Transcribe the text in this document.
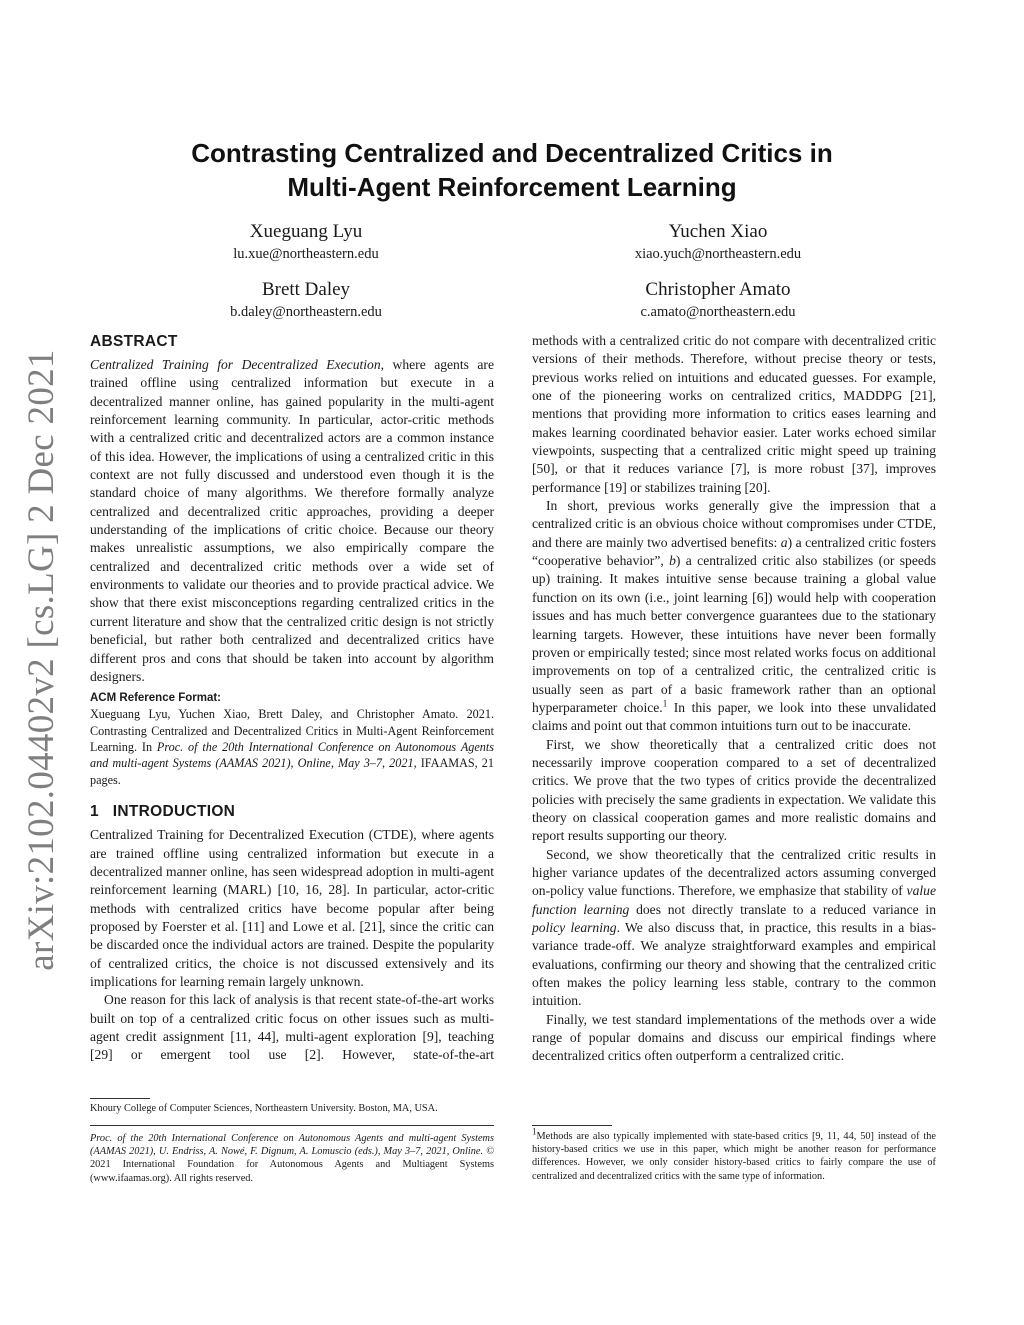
arXiv:2102.04402v2 [cs.LG] 2 Dec 2021
Contrasting Centralized and Decentralized Critics in
Multi-Agent Reinforcement Learning
Xueguang Lyu
lu.xue@northeastern.edu
Yuchen Xiao
xiao.yuch@northeastern.edu
Brett Daley
b.daley@northeastern.edu
Christopher Amato
c.amato@northeastern.edu
ABSTRACT

Centralized Training for Decentralized Execution, where agents are trained offline using centralized information but execute in a decentralized manner online, has gained popularity in the multi-agent reinforcement learning community. In particular, actor-critic methods with a centralized critic and decentralized actors are a common instance of this idea. However, the implications of using a centralized critic in this context are not fully discussed and understood even though it is the standard choice of many algorithms. We therefore formally analyze centralized and decentralized critic approaches, providing a deeper understanding of the implications of critic choice. Because our theory makes unrealistic assumptions, we also empirically compare the centralized and decentralized critic methods over a wide set of environments to validate our theories and to provide practical advice. We show that there exist misconceptions regarding centralized critics in the current literature and show that the centralized critic design is not strictly beneficial, but rather both centralized and decentralized critics have different pros and cons that should be taken into account by algorithm designers.

ACM Reference Format:

Xueguang Lyu, Yuchen Xiao, Brett Daley, and Christopher Amato. 2021. Contrasting Centralized and Decentralized Critics in Multi-Agent Reinforcement Learning. In Proc. of the 20th International Conference on Autonomous Agents and multi-agent Systems (AAMAS 2021), Online, May 3–7, 2021, IFAAMAS, 21 pages.

1   INTRODUCTION

Centralized Training for Decentralized Execution (CTDE), where agents are trained offline using centralized information but execute in a decentralized manner online, has seen widespread adoption in multi-agent reinforcement learning (MARL) [10, 16, 28]. In particular, actor-critic methods with centralized critics have become popular after being proposed by Foerster et al. [11] and Lowe et al. [21], since the critic can be discarded once the individual actors are trained. Despite the popularity of centralized critics, the choice is not discussed extensively and its implications for learning remain largely unknown.

One reason for this lack of analysis is that recent state-of-the-art works built on top of a centralized critic focus on other issues such as multi-agent credit assignment [11, 44], multi-agent exploration [9], teaching [29] or emergent tool use [2]. However, state-of-the-art

Khoury College of Computer Sciences, Northeastern University. Boston, MA, USA.
Proc. of the 20th International Conference on Autonomous Agents and multi-agent Systems (AAMAS 2021), U. Endriss, A. Nowé, F. Dignum, A. Lomuscio (eds.), May 3–7, 2021, Online. © 2021 International Foundation for Autonomous Agents and Multiagent Systems (www.ifaamas.org). All rights reserved.

methods with a centralized critic do not compare with decentralized critic versions of their methods. Therefore, without precise theory or tests, previous works relied on intuitions and educated guesses. For example, one of the pioneering works on centralized critics, MADDPG [21], mentions that providing more information to critics eases learning and makes learning coordinated behavior easier. Later works echoed similar viewpoints, suspecting that a centralized critic might speed up training [50], or that it reduces variance [7], is more robust [37], improves performance [19] or stabilizes training [20].

In short, previous works generally give the impression that a centralized critic is an obvious choice without compromises under CTDE, and there are mainly two advertised benefits: a) a centralized critic fosters “cooperative behavior”, b) a centralized critic also stabilizes (or speeds up) training. It makes intuitive sense because training a global value function on its own (i.e., joint learning [6]) would help with cooperation issues and has much better convergence guarantees due to the stationary learning targets. However, these intuitions have never been formally proven or empirically tested; since most related works focus on additional improvements on top of a centralized critic, the centralized critic is usually seen as part of a basic framework rather than an optional hyperparameter choice.$^1$ In this paper, we look into these unvalidated claims and point out that common intuitions turn out to be inaccurate.

First, we show theoretically that a centralized critic does not necessarily improve cooperation compared to a set of decentralized critics. We prove that the two types of critics provide the decentralized policies with precisely the same gradients in expectation. We validate this theory on classical cooperation games and more realistic domains and report results supporting our theory.

Second, we show theoretically that the centralized critic results in higher variance updates of the decentralized actors assuming converged on-policy value functions. Therefore, we emphasize that stability of value function learning does not directly translate to a reduced variance in policy learning. We also discuss that, in practice, this results in a bias-variance trade-off. We analyze straightforward examples and empirical evaluations, confirming our theory and showing that the centralized critic often makes the policy learning less stable, contrary to the common intuition.

Finally, we test standard implementations of the methods over a wide range of popular domains and discuss our empirical findings where decentralized critics often outperform a centralized critic.

$^1$Methods are also typically implemented with state-based critics [9, 11, 44, 50] instead of the history-based critics we use in this paper, which might be another reason for performance differences. However, we only consider history-based critics to fairly compare the use of centralized and decentralized critics with the same type of information.
